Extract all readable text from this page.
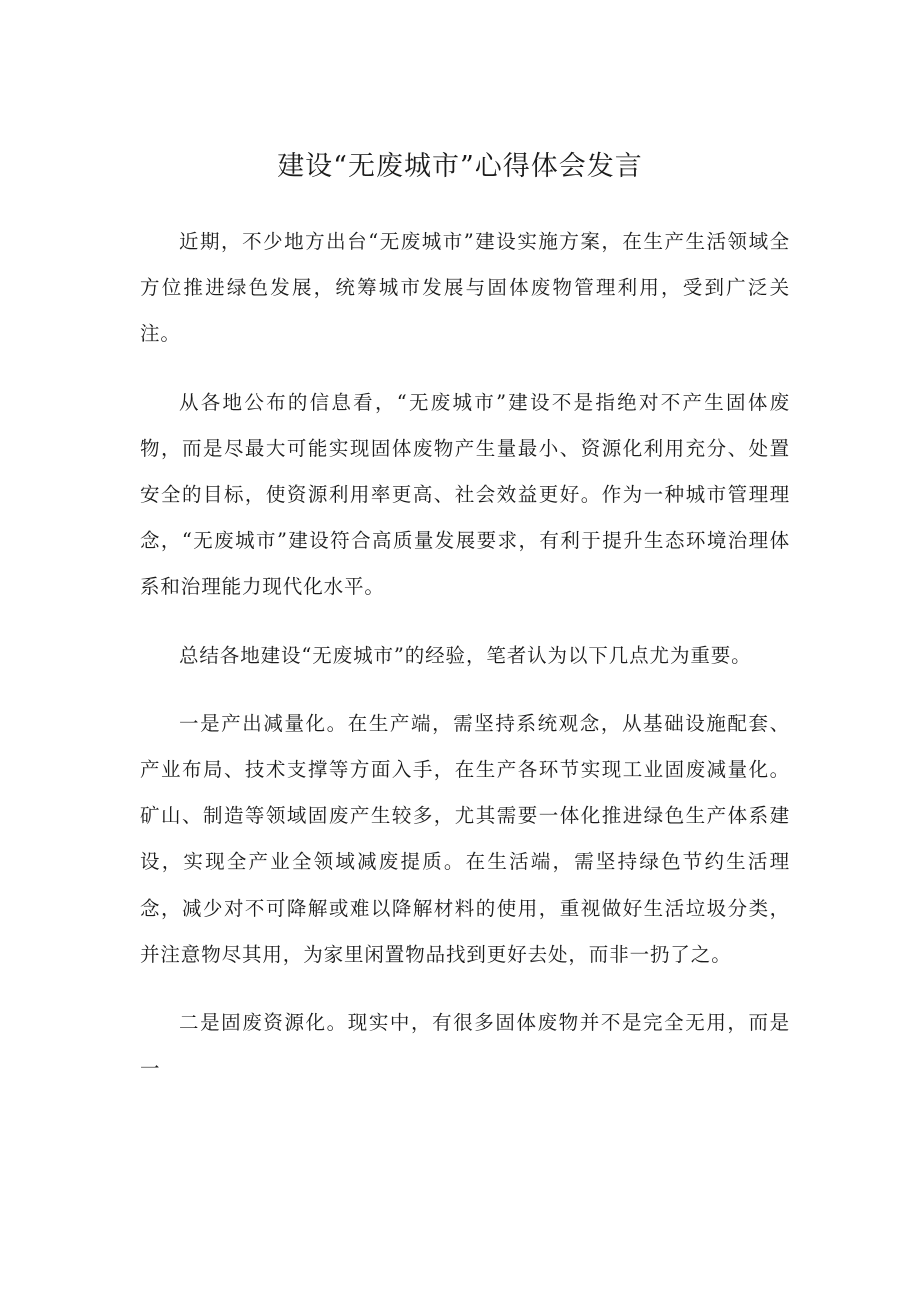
建设“无废城市”心得体会发言

近期，不少地方出台“无废城市”建设实施方案，在生产生活领域全方位推进绿色发展，统筹城市发展与固体废物管理利用，受到广泛关注。

从各地公布的信息看，“无废城市”建设不是指绝对不产生固体废物，而是尽最大可能实现固体废物产生量最小、资源化利用充分、处置安全的目标，使资源利用率更高、社会效益更好。作为一种城市管理理念，“无废城市”建设符合高质量发展要求，有利于提升生态环境治理体系和治理能力现代化水平。

总结各地建设“无废城市”的经验，笔者认为以下几点尤为重要。

一是产出减量化。在生产端，需坚持系统观念，从基础设施配套、产业布局、技术支撑等方面入手，在生产各环节实现工业固废减量化。矿山、制造等领域固废产生较多，尤其需要一体化推进绿色生产体系建设，实现全产业全领域减废提质。在生活端，需坚持绿色节约生活理念，减少对不可降解或难以降解材料的使用，重视做好生活垃圾分类，并注意物尽其用，为家里闲置物品找到更好去处，而非一扔了之。

二是固废资源化。现实中，有很多固体废物并不是完全无用，而是一
